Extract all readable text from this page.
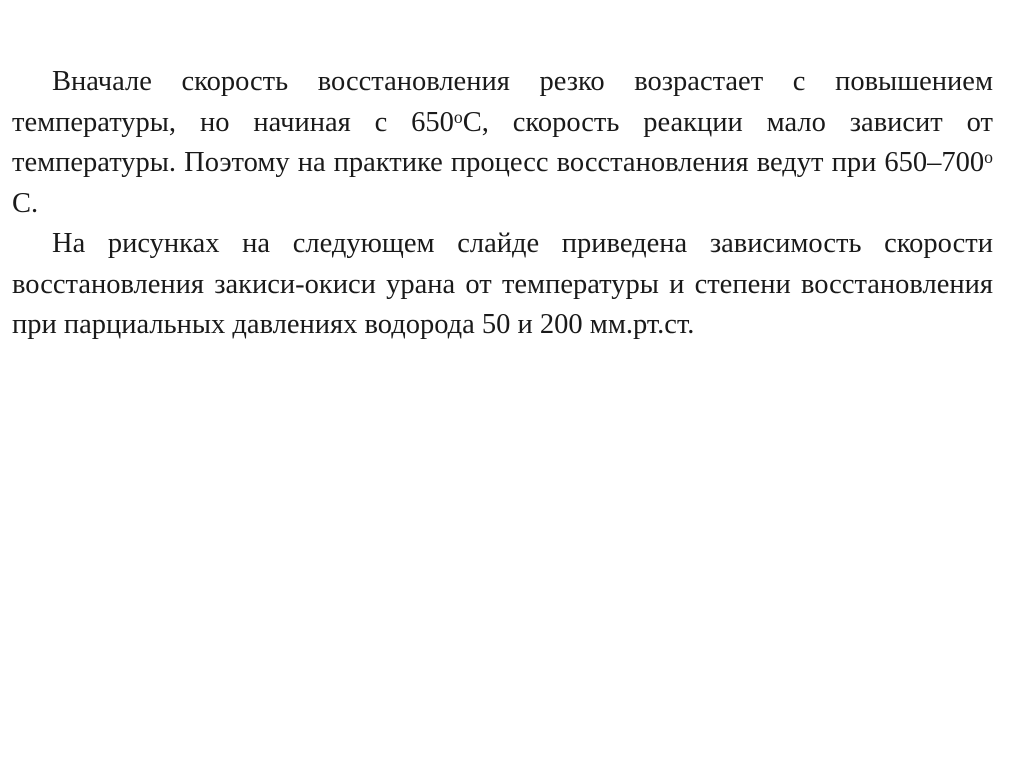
Вначале скорость восстановления резко возрастает с повышением температуры, но начиная с $650^оС$, скорость реакции мало зависит от температуры. Поэтому на практике процесс восстановления ведут при $650-700^о$ С.

На рисунках на следующем слайде приведена зависимость скорости восстановления закиси-окиси урана от температуры и степени восстановления при парциальных давлениях водорода 50 и 200 мм.рт.ст.
